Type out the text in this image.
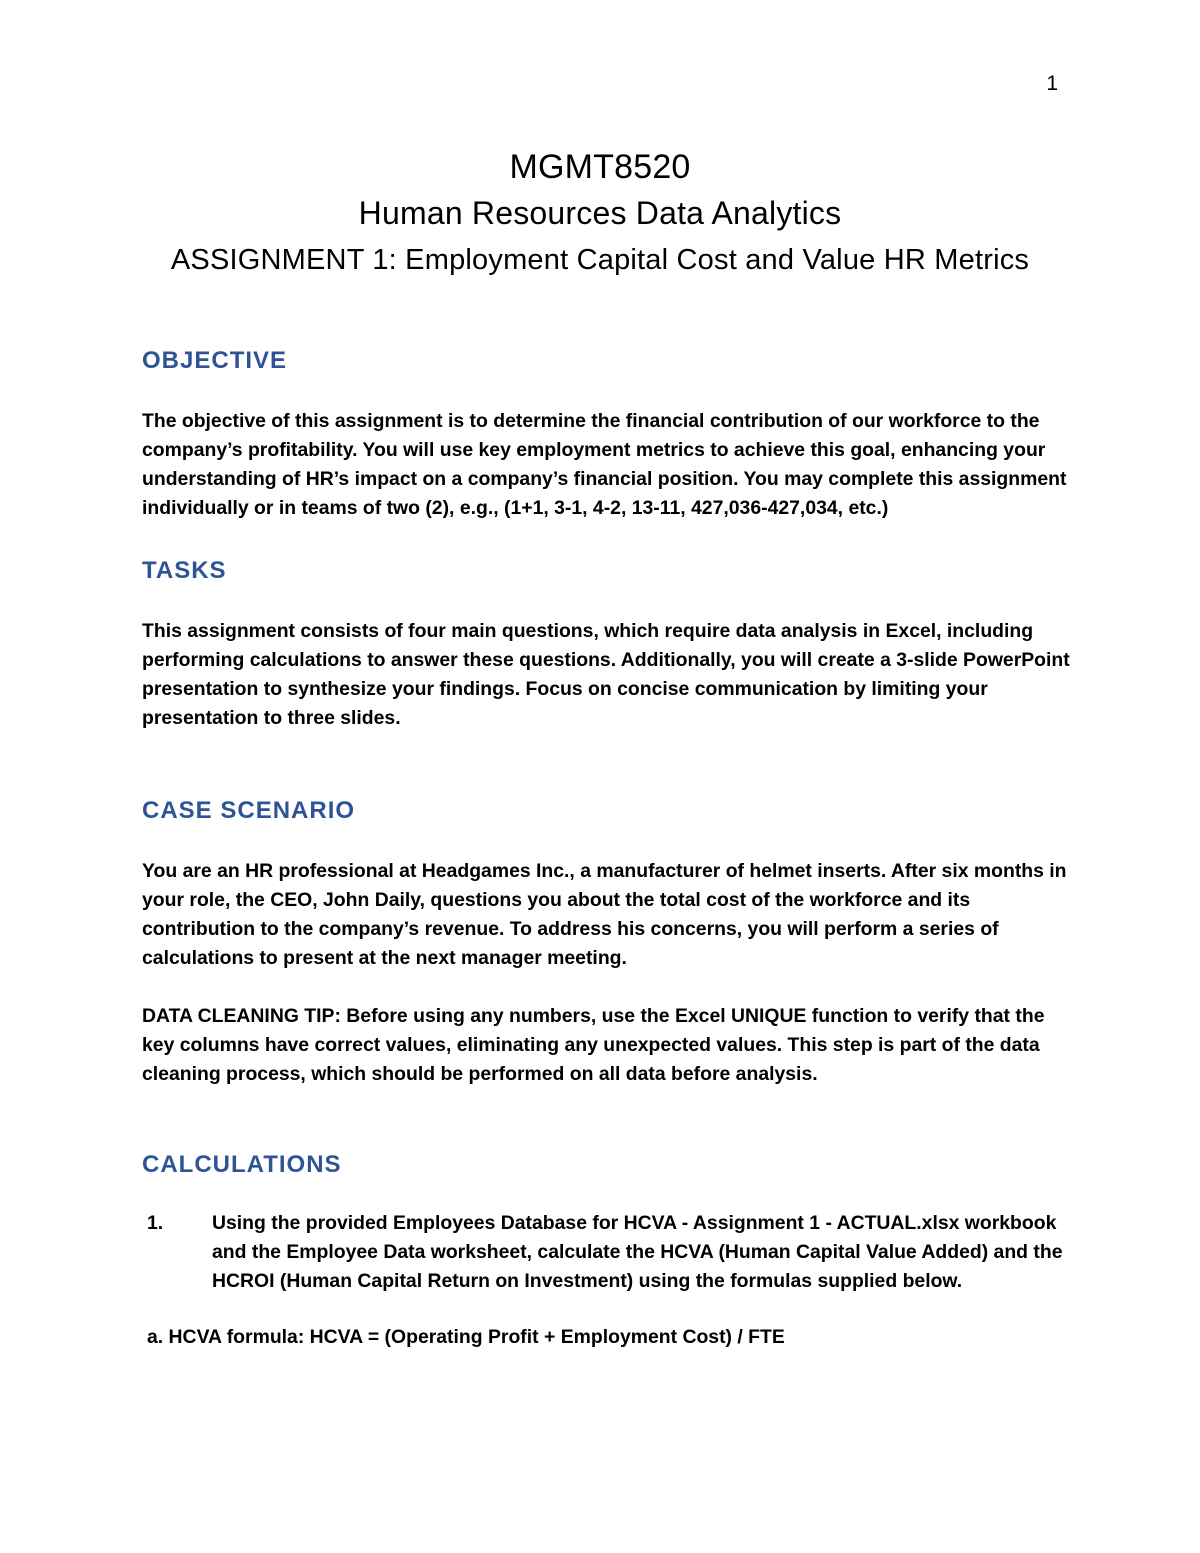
1

MGMT8520

Human Resources Data Analytics

ASSIGNMENT 1: Employment Capital Cost and Value HR Metrics

OBJECTIVE

The objective of this assignment is to determine the financial contribution of our workforce to the company’s profitability. You will use key employment metrics to achieve this goal, enhancing your understanding of HR’s impact on a company’s financial position. You may complete this assignment individually or in teams of two (2), e.g., (1+1, 3-1, 4-2, 13-11, 427,036-427,034, etc.)

TASKS

This assignment consists of four main questions, which require data analysis in Excel, including performing calculations to answer these questions. Additionally, you will create a 3-slide PowerPoint presentation to synthesize your findings. Focus on concise communication by limiting your presentation to three slides.

CASE SCENARIO

You are an HR professional at Headgames Inc., a manufacturer of helmet inserts. After six months in your role, the CEO, John Daily, questions you about the total cost of the workforce and its contribution to the company’s revenue. To address his concerns, you will perform a series of calculations to present at the next manager meeting.

DATA CLEANING TIP: Before using any numbers, use the Excel UNIQUE function to verify that the key columns have correct values, eliminating any unexpected values. This step is part of the data cleaning process, which should be performed on all data before analysis.

CALCULATIONS
1.	Using the provided Employees Database for HCVA - Assignment 1 - ACTUAL.xlsx workbook and the Employee Data worksheet, calculate the HCVA (Human Capital Value Added) and the HCROI (Human Capital Return on Investment) using the formulas supplied below.

a. HCVA formula: HCVA = (Operating Profit + Employment Cost) / FTE
